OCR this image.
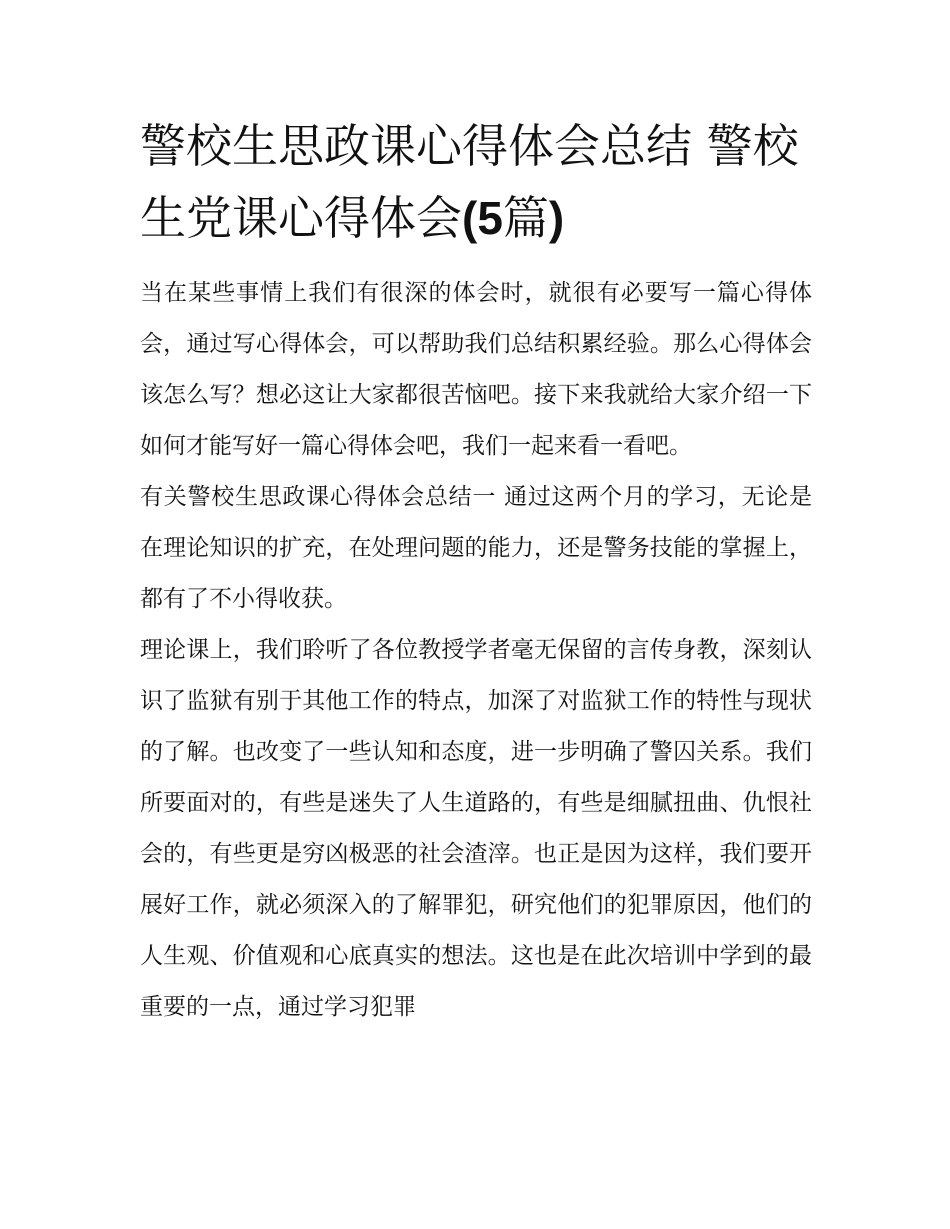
警校生思政课心得体会总结 警校生党课心得体会(5篇)

当在某些事情上我们有很深的体会时，就很有必要写一篇心得体会，通过写心得体会，可以帮助我们总结积累经验。那么心得体会该怎么写？想必这让大家都很苦恼吧。接下来我就给大家介绍一下如何才能写好一篇心得体会吧，我们一起来看一看吧。

有关警校生思政课心得体会总结一 通过这两个月的学习，无论是在理论知识的扩充，在处理问题的能力，还是警务技能的掌握上，都有了不小得收获。

理论课上，我们聆听了各位教授学者毫无保留的言传身教，深刻认识了监狱有别于其他工作的特点，加深了对监狱工作的特性与现状的了解。也改变了一些认知和态度，进一步明确了警囚关系。我们所要面对的，有些是迷失了人生道路的，有些是细腻扭曲、仇恨社会的，有些更是穷凶极恶的社会渣滓。也正是因为这样，我们要开展好工作，就必须深入的了解罪犯，研究他们的犯罪原因，他们的人生观、价值观和心底真实的想法。这也是在此次培训中学到的最重要的一点，通过学习犯罪
